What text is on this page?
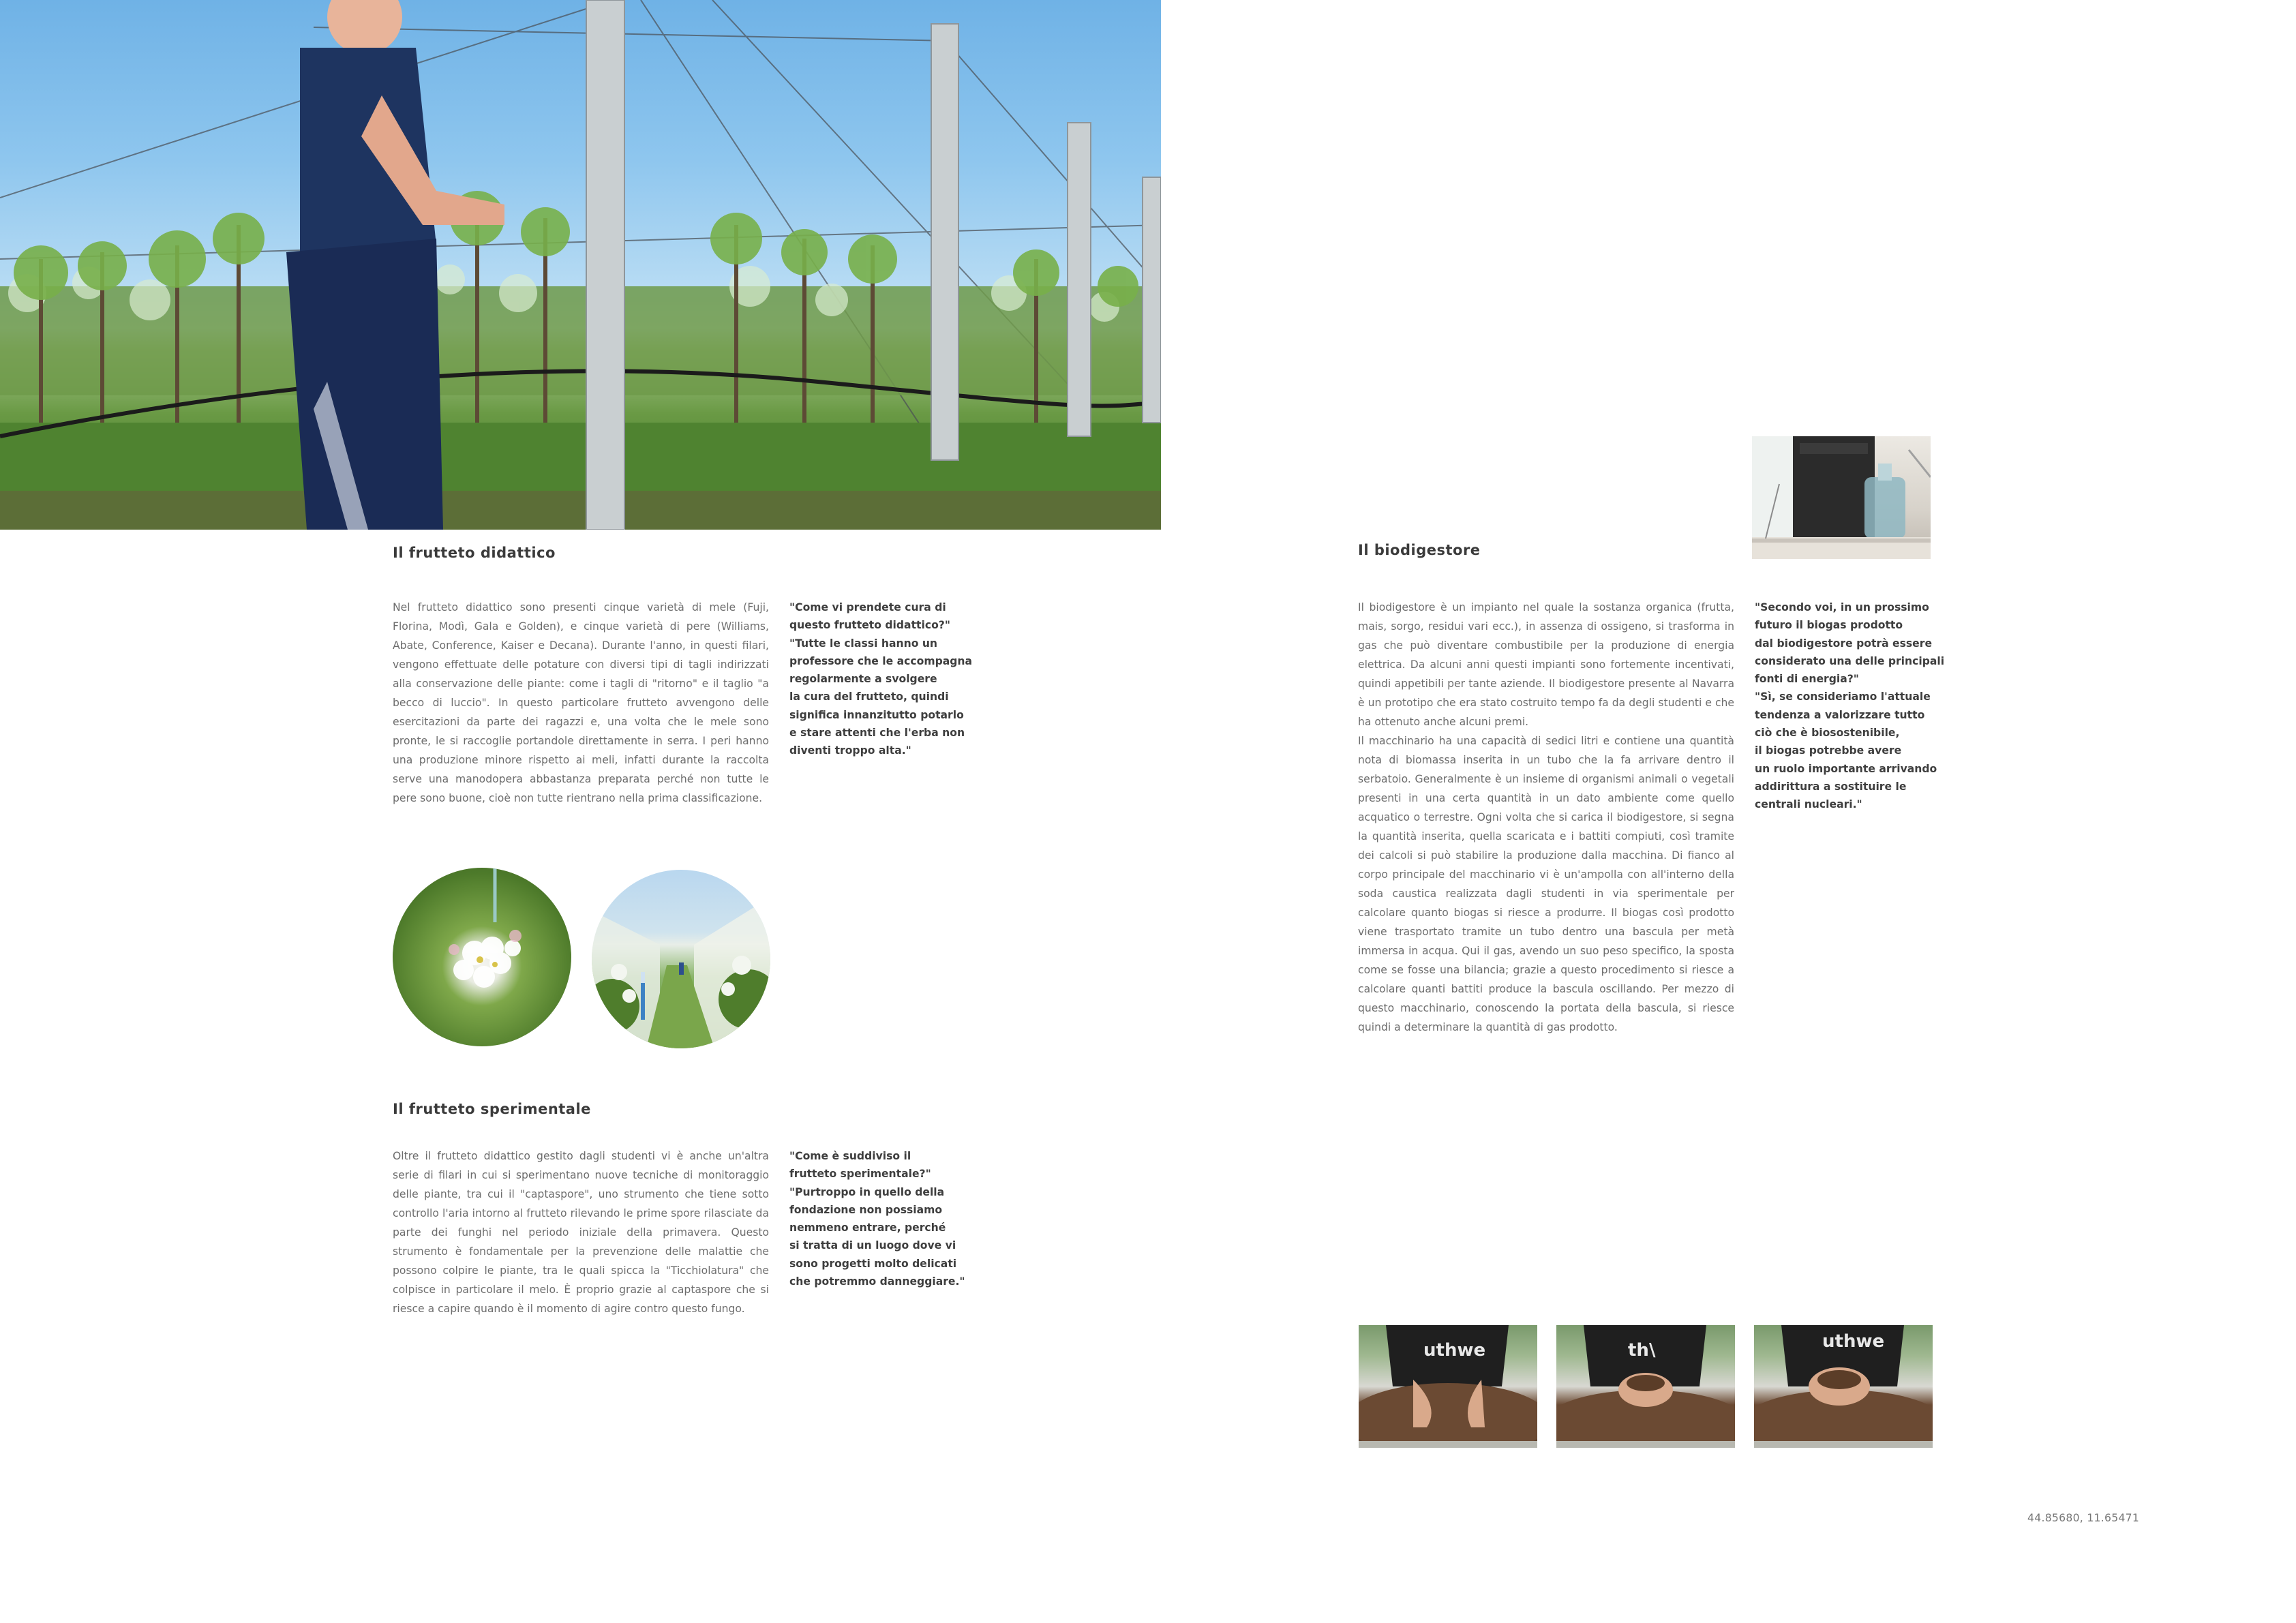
Il frutteto didattico

Nel frutteto didattico sono presenti cinque varietà di mele (Fuji, Florina, Modì, Gala e Golden), e cinque varietà di pere (Williams, Abate, Conference, Kaiser e Decana). Durante l'anno, in questi filari, vengono effettuate delle potature con diversi tipi di tagli indirizzati alla conservazione delle piante: come i tagli di "ritorno" e il taglio "a becco di luccio". In questo particolare frutteto avvengono delle esercitazioni da parte dei ragazzi e, una volta che le mele sono pronte, le si raccoglie portandole direttamente in serra. I peri hanno una produzione minore rispetto ai meli, infatti durante la raccolta serve una manodopera abbastanza preparata perché non tutte le pere sono buone, cioè non tutte rientrano nella prima classificazione.

"Come vi prendete cura di

questo frutteto didattico?"

"Tutte le classi hanno un

professore che le accompagna

regolarmente a svolgere

la cura del frutteto, quindi

significa innanzitutto potarlo

e stare attenti che l'erba non

diventi troppo alta."

Il frutteto sperimentale

Oltre il frutteto didattico gestito dagli studenti vi è anche un'altra serie di filari in cui si sperimentano nuove tecniche di monitoraggio delle piante, tra cui il "captaspore", uno strumento che tiene sotto controllo l'aria intorno al frutteto rilevando le prime spore rilasciate da parte dei funghi nel periodo iniziale della primavera. Questo strumento è fondamentale per la prevenzione delle malattie che possono colpire le piante, tra le quali spicca la "Ticchiolatura" che colpisce in particolare il melo. È proprio grazie al captaspore che si riesce a capire quando è il momento di agire contro questo fungo.

"Come è suddiviso il

frutteto sperimentale?"

"Purtroppo in quello della

fondazione non possiamo

nemmeno entrare, perché

si tratta di un luogo dove vi

sono progetti molto delicati

che potremmo danneggiare."

Il biodigestore

Il biodigestore è un impianto nel quale la sostanza organica (frutta, mais, sorgo, residui vari ecc.), in assenza di ossigeno, si trasforma in gas che può diventare combustibile per la produzione di energia elettrica. Da alcuni anni questi impianti sono fortemente incentivati, quindi appetibili per tante aziende. Il biodigestore presente al Navarra è un prototipo che era stato costruito tempo fa da degli studenti e che ha ottenuto anche alcuni premi.

Il macchinario ha una capacità di sedici litri e contiene una quantità nota di biomassa inserita in un tubo che la fa arrivare dentro il serbatoio. Generalmente è un insieme di organismi animali o vegetali presenti in una certa quantità in un dato ambiente come quello acquatico o terrestre. Ogni volta che si carica il biodigestore, si segna la quantità inserita, quella scaricata e i battiti compiuti, così tramite dei calcoli si può stabilire la produzione dalla macchina. Di fianco al corpo principale del macchinario vi è un'ampolla con all'interno della soda caustica realizzata dagli studenti in via sperimentale per calcolare quanto biogas si riesce a produrre. Il biogas così prodotto viene trasportato tramite un tubo dentro una bascula per metà immersa in acqua. Qui il gas, avendo un suo peso specifico, la sposta come se fosse una bilancia; grazie a questo procedimento si riesce a calcolare quanti battiti produce la bascula oscillando. Per mezzo di questo macchinario, conoscendo la portata della bascula, si riesce quindi a determinare la quantità di gas prodotto.

"Secondo voi, in un prossimo

futuro il biogas prodotto

dal biodigestore potrà essere

considerato una delle principali

fonti di energia?"

"Sì, se consideriamo l'attuale

tendenza a valorizzare tutto

ciò che è biosostenibile,

il biogas potrebbe avere

un ruolo importante arrivando

addirittura a sostituire le

centrali nucleari."

uthwe	th\	uthwe
44.85680, 11.65471
